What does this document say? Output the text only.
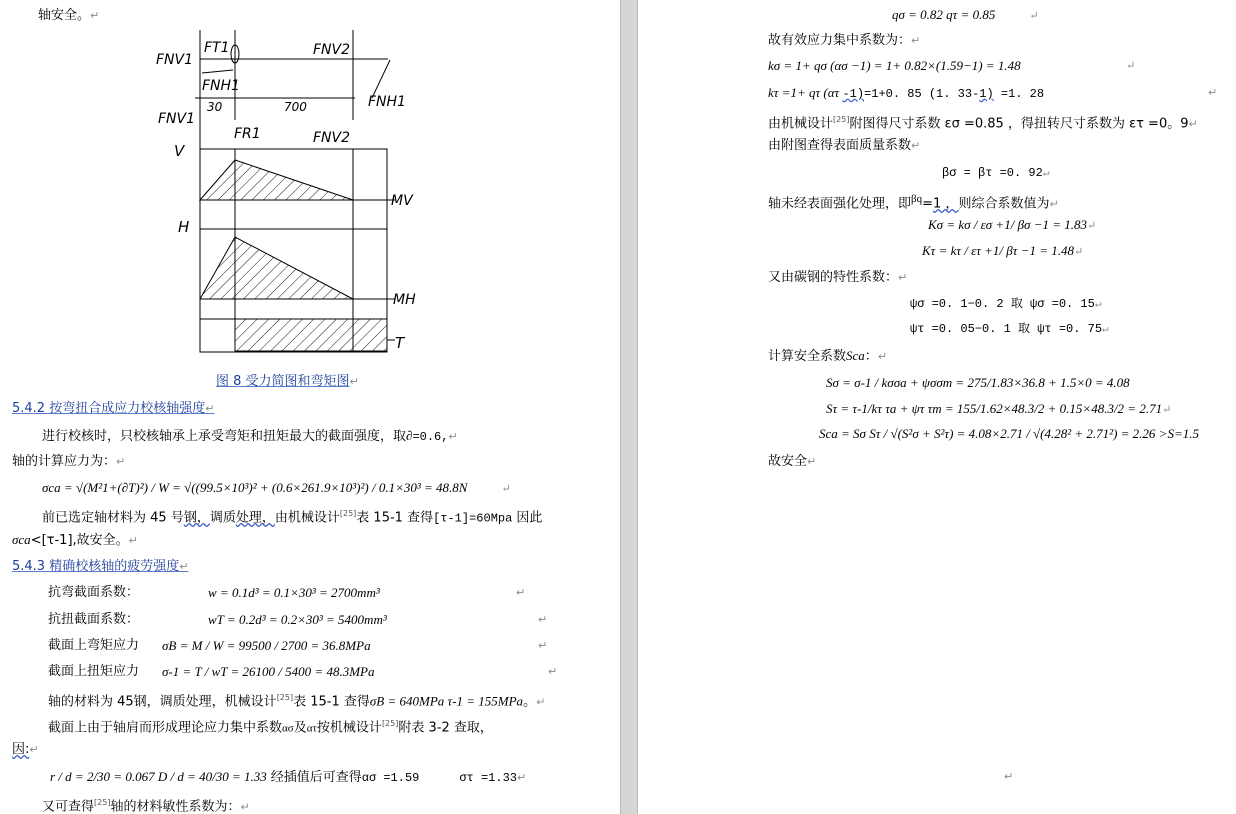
轴安全。↵
FNV1
FT1	FNV2
FNH1
FNH1
30	700
FNV1
FR1	FNV2
V
MV
H
MH
T
图 8 受力简图和弯矩图↵
5.4.2 按弯扭合成应力校核轴强度↵
进行校核时，只校核轴承上承受弯矩和扭矩最大的截面强度，取∂=0.6,↵
轴的计算应力为：↵
σca = √(M²1+(∂T)²) / W = √((99.5×10³)² + (0.6×261.9×10³)²) / 0.1×30³ = 48.8N	↵
前已选定轴材料为 45 号钢，调质处理，由机械设计[25]表 15-1 查得[τ-1]=60Mpa 因此
σca<[τ-1],故安全。↵
5.4.3 精确校核轴的疲劳强度↵
抗弯截面系数：	w = 0.1d³ = 0.1×30³ = 2700mm³	↵
抗扭截面系数：	wT = 0.2d³ = 0.2×30³ = 5400mm³	↵
截面上弯矩应力 σB = M / W = 99500 / 2700 = 36.8MPa	↵
截面上扭矩应力 σ-1 = T / wT = 26100 / 5400 = 48.3MPa	↵
轴的材料为 45钢，调质处理，机械设计[25]表 15-1 查得σB = 640MPa τ-1 = 155MPa。↵
截面上由于轴肩而形成理论应力集中系数ασ及ατ按机械设计[25]附表 3-2 查取，
因:↵
r / d = 2/30 = 0.067 D / d = 40/30 = 1.33 经插值后可查得ασ =1.59	στ =1.33↵
又可查得[25]轴的材料敏性系数为：↵
qσ = 0.82 qτ = 0.85	↵
故有效应力集中系数为：↵
kσ = 1+ qσ (ασ −1) = 1+ 0.82×(1.59−1) = 1.48	↵
kτ =1+ qτ (ατ -1)=1+0. 85 (1. 33-1) =1. 28	↵
由机械设计[25]附图得尺寸系数 εσ =0.85 ，得扭转尺寸系数为 ετ =0。9↵
由附图查得表面质量系数↵
βσ = βτ =0. 92↵
轴未经表面强化处理，即$^{\beta q}$=1 ，则综合系数值为↵
Kσ = kσ / εσ +1/ βσ −1 = 1.83↵
Kτ = kτ / ετ +1/ βτ −1 = 1.48↵
又由碳钢的特性系数：↵
ψσ =0. 1−0. 2 取 ψσ =0. 15↵
ψτ =0. 05−0. 1 取 ψτ =0. 75↵
计算安全系数Sca：↵
Sσ = σ-1 / kσσa + ψσσm = 275/1.83×36.8 + 1.5×0 = 4.08
Sτ = τ-1/kτ τa + ψτ τm = 155/1.62×48.3/2 + 0.15×48.3/2 = 2.71↵
Sca = Sσ Sτ / √(S²σ + S²τ) = 4.08×2.71 / √(4.28² + 2.71²) = 2.26 >S=1.5
故安全↵
↵
